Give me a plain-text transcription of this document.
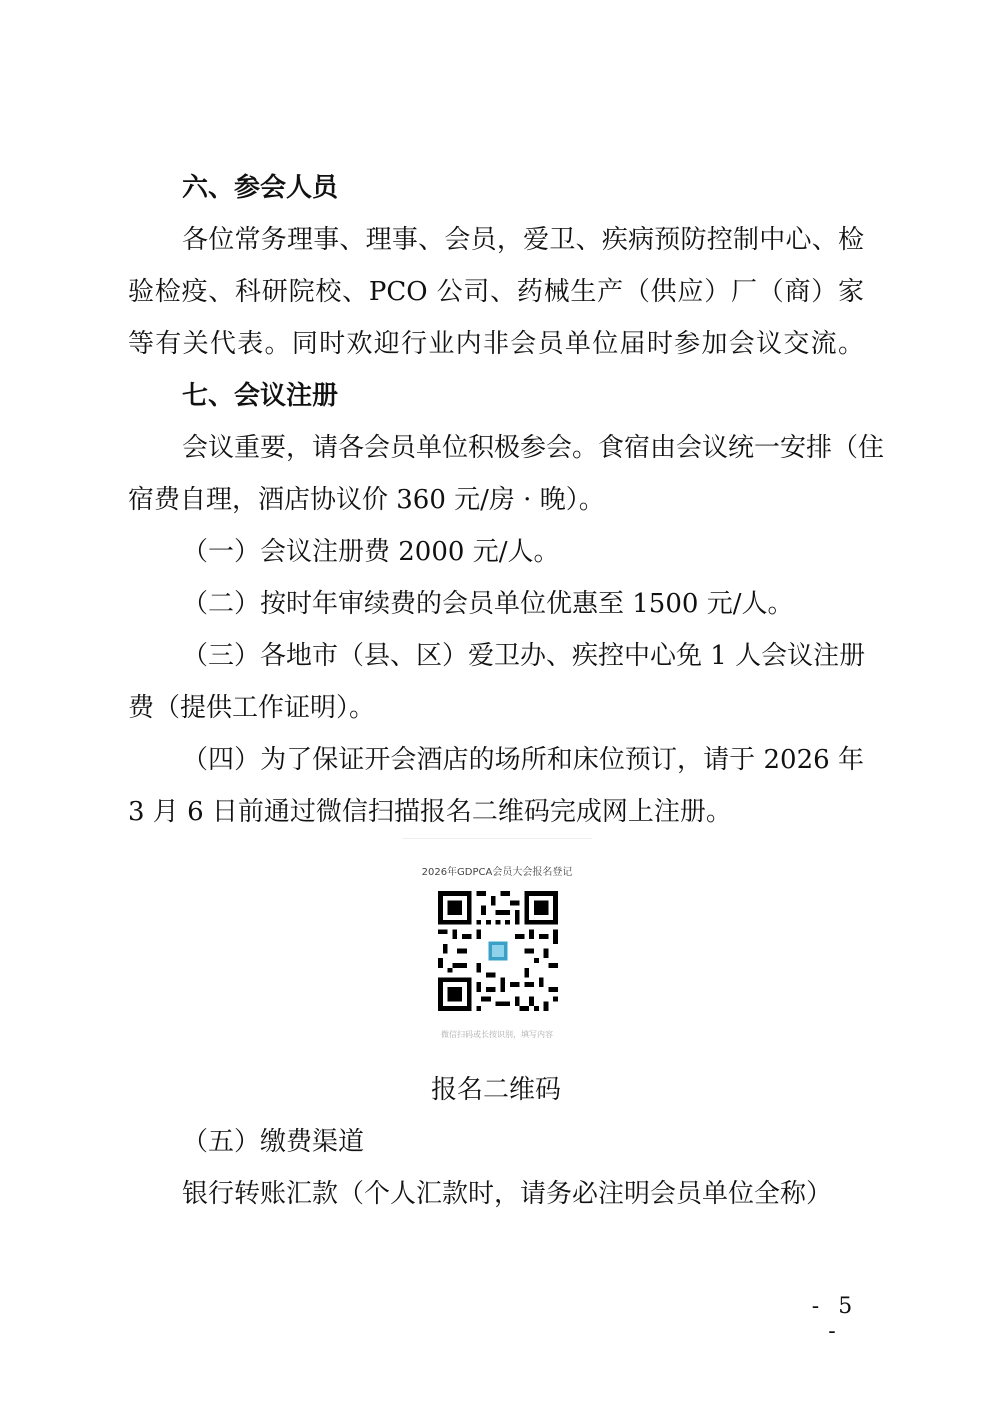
六、参会人员
各位常务理事、理事、会员，爱卫、疾病预防控制中心、检
验检疫、科研院校、PCO 公司、药械生产（供应）厂（商）家
等有关代表。同时欢迎行业内非会员单位届时参加会议交流。
七、会议注册
会议重要，请各会员单位积极参会。食宿由会议统一安排（住
宿费自理，酒店协议价 360 元/房 · 晚）。
（一）会议注册费 2000 元/人。
（二）按时年审续费的会员单位优惠至 1500 元/人。
（三）各地市（县、区）爱卫办、疾控中心免 1 人会议注册
费（提供工作证明）。
（四）为了保证开会酒店的场所和床位预订，请于 2026 年
3 月 6 日前通过微信扫描报名二维码完成网上注册。
2026年GDPCA会员大会报名登记
微信扫码或长按识别，填写内容
报名二维码
（五）缴费渠道
银行转账汇款（个人汇款时，请务必注明会员单位全称）
- 5 -
